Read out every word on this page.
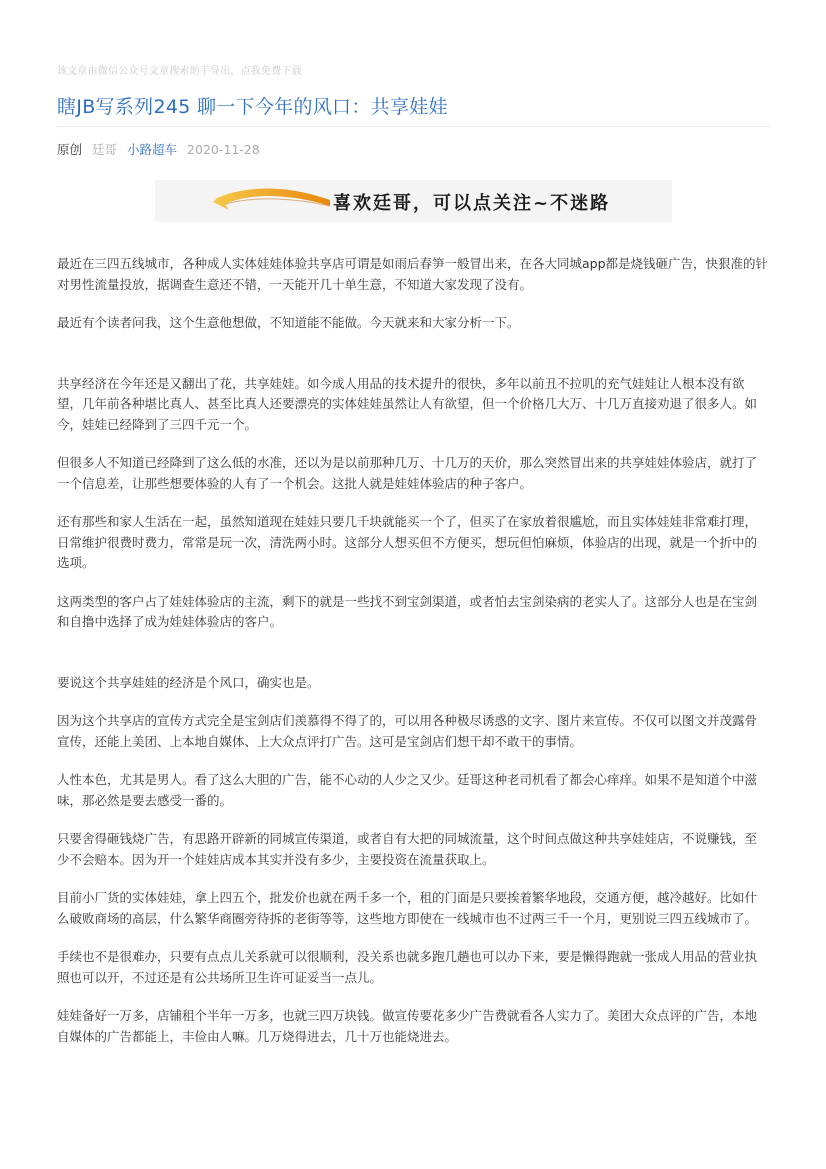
该文章由微信公众号文章搜索助手导出，点我免费下载
瞎JB写系列245 聊一下今年的风口：共享娃娃
原创 廷哥 小路超车 2020-11-28
喜欢廷哥，可以点关注~不迷路

最近在三四五线城市，各种成人实体娃娃体验共享店可谓是如雨后春笋一般冒出来，在各大同城app都是烧钱砸广告，快狠准的针对男性流量投放，据调查生意还不错，一天能开几十单生意，不知道大家发现了没有。

最近有个读者问我，这个生意他想做，不知道能不能做。今天就来和大家分析一下。

共享经济在今年还是又翻出了花，共享娃娃。如今成人用品的技术提升的很快，多年以前丑不拉叽的充气娃娃让人根本没有欲望，几年前各种堪比真人、甚至比真人还要漂亮的实体娃娃虽然让人有欲望，但一个价格几大万、十几万直接劝退了很多人。如今，娃娃已经降到了三四千元一个。

但很多人不知道已经降到了这么低的水准，还以为是以前那种几万、十几万的天价，那么突然冒出来的共享娃娃体验店，就打了一个信息差，让那些想要体验的人有了一个机会。这批人就是娃娃体验店的种子客户。

还有那些和家人生活在一起，虽然知道现在娃娃只要几千块就能买一个了，但买了在家放着很尴尬，而且实体娃娃非常难打理，日常维护很费时费力，常常是玩一次，清洗两小时。这部分人想买但不方便买，想玩但怕麻烦，体验店的出现，就是一个折中的选项。

这两类型的客户占了娃娃体验店的主流，剩下的就是一些找不到宝剑渠道，或者怕去宝剑染病的老实人了。这部分人也是在宝剑和自撸中选择了成为娃娃体验店的客户。

要说这个共享娃娃的经济是个风口，确实也是。

因为这个共享店的宣传方式完全是宝剑店们羡慕得不得了的，可以用各种极尽诱惑的文字、图片来宣传。不仅可以图文并茂露骨宣传，还能上美团、上本地自媒体、上大众点评打广告。这可是宝剑店们想干却不敢干的事情。

人性本色，尤其是男人。看了这么大胆的广告，能不心动的人少之又少。廷哥这种老司机看了都会心痒痒。如果不是知道个中滋味，那必然是要去感受一番的。

只要舍得砸钱烧广告，有思路开辟新的同城宣传渠道，或者自有大把的同城流量，这个时间点做这种共享娃娃店，不说赚钱，至少不会赔本。因为开一个娃娃店成本其实并没有多少，主要投资在流量获取上。

目前小厂货的实体娃娃，拿上四五个，批发价也就在两千多一个，租的门面是只要挨着繁华地段，交通方便，越冷越好。比如什么破败商场的高层，什么繁华商圈旁待拆的老街等等，这些地方即使在一线城市也不过两三千一个月，更别说三四五线城市了。

手续也不是很难办，只要有点点儿关系就可以很顺利，没关系也就多跑几趟也可以办下来，要是懒得跑就一张成人用品的营业执照也可以开，不过还是有公共场所卫生许可证妥当一点儿。

娃娃备好一万多，店铺租个半年一万多，也就三四万块钱。做宣传要花多少广告费就看各人实力了。美团大众点评的广告，本地自媒体的广告都能上，丰俭由人嘛。几万烧得进去，几十万也能烧进去。
